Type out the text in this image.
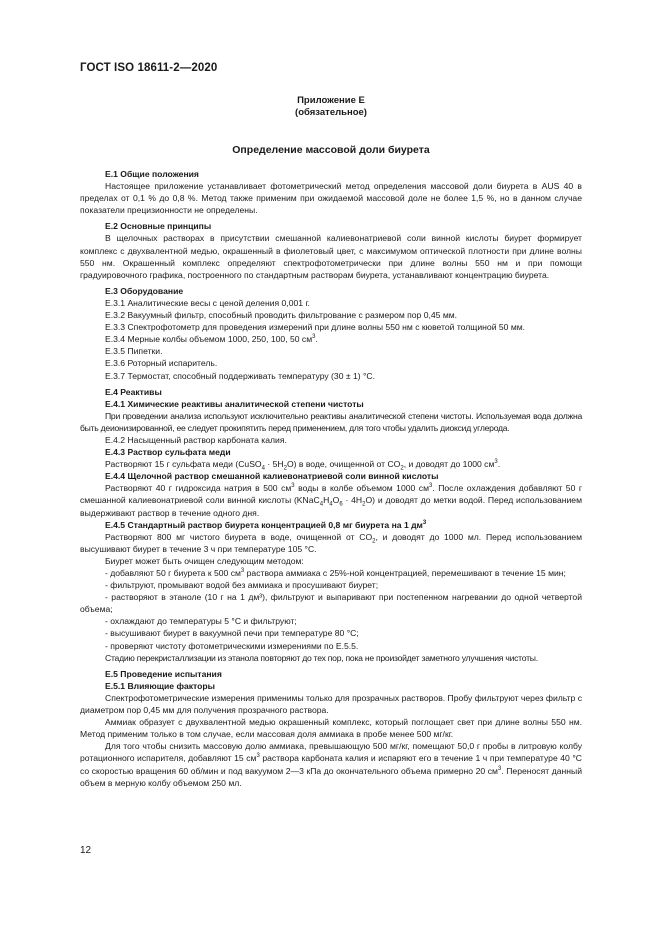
ГОСТ ISO 18611-2—2020
Приложение Е
(обязательное)
Определение массовой доли биурета

Е.1 Общие положения

Настоящее приложение устанавливает фотометрический метод определения массовой доли биурета в AUS 40 в пределах от 0,1 % до 0,8 %. Метод также применим при ожидаемой массовой доле не более 1,5 %, но в данном случае показатели прецизионности не определены.

Е.2 Основные принципы

В щелочных растворах в присутствии смешанной калиевонатриевой соли винной кислоты биурет формирует комплекс с двухвалентной медью, окрашенный в фиолетовый цвет, с максимумом оптической плотности при длине волны 550 нм. Окрашенный комплекс определяют спектрофотометрически при длине волны 550 нм и при помощи градуировочного графика, построенного по стандартным растворам биурета, устанавливают концентрацию биурета.

Е.3 Оборудование

Е.3.1 Аналитические весы с ценой деления 0,001 г.

Е.3.2 Вакуумный фильтр, способный проводить фильтрование с размером пор 0,45 мм.

Е.3.3 Спектрофотометр для проведения измерений при длине волны 550 нм с кюветой толщиной 50 мм.

Е.3.4 Мерные колбы объемом 1000, 250, 100, 50 $см^3$.

Е.3.5 Пипетки.

Е.3.6 Роторный испаритель.

Е.3.7 Термостат, способный поддерживать температуру (30 ± 1) °С.

Е.4 Реактивы

Е.4.1 Химические реактивы аналитической степени чистоты

При проведении анализа используют исключительно реактивы аналитической степени чистоты. Используемая вода должна быть деионизированной, ее следует прокипятить перед применением, для того чтобы удалить диоксид углерода.

Е.4.2 Насыщенный раствор карбоната калия.

Е.4.3 Раствор сульфата меди

Растворяют 15 г сульфата меди (CuSO$_4$ · $5H_2O$) в воде, очищенной от $CO_2$, и доводят до 1000 $см^3$.

Е.4.4 Щелочной раствор смешанной калиевонатриевой соли винной кислоты

Растворяют 40 г гидроксида натрия в 500 $см^3$ воды в колбе объемом 1000 $см^3$. После охлаждения добавляют 50 г смешанной калиевонатриевой соли винной кислоты $(KNaC_4H_4O_6 \cdot 4H_2O)$ и доводят до метки водой. Перед использованием выдерживают раствор в течение одного дня.

Е.4.5 Стандартный раствор биурета концентрацией 0,8 мг биурета на 1 $дм^3$

Растворяют 800 мг чистого биурета в воде, очищенной от $CO_2$, и доводят до 1000 мл. Перед использованием высушивают биурет в течение 3 ч при температуре 105 °С.

Биурет может быть очищен следующим методом:

- добавляют 50 г биурета к 500 $см^3$ раствора аммиака с 25%-ной концентрацией, перемешивают в течение 15 мин;

- фильтруют, промывают водой без аммиака и просушивают биурет;

- растворяют в этаноле (10 г на 1 дм³), фильтруют и выпаривают при постепенном нагревании до одной четвертой объема;

- охлаждают до температуры 5 °С и фильтруют;

- высушивают биурет в вакуумной печи при температуре 80 °С;

- проверяют чистоту фотометрическими измерениями по Е.5.5.

Стадию перекристаллизации из этанола повторяют до тех пор, пока не произойдет заметного улучшения чистоты.

Е.5 Проведение испытания

Е.5.1 Влияющие факторы

Спектрофотометрические измерения применимы только для прозрачных растворов. Пробу фильтруют через фильтр с диаметром пор 0,45 мм для получения прозрачного раствора.

Аммиак образует с двухвалентной медью окрашенный комплекс, который поглощает свет при длине волны 550 нм. Метод применим только в том случае, если массовая доля аммиака в пробе менее 500 мг/кг.

Для того чтобы снизить массовую долю аммиака, превышающую 500 мг/кг, помещают 50,0 г пробы в литровую колбу ротационного испарителя, добавляют 15 $см^3$ раствора карбоната калия и испаряют его в течение 1 ч при температуре 40 °С со скоростью вращения 60 об/мин и под вакуумом 2—3 кПа до окончательного объема примерно 20 $см^3$. Переносят данный объем в мерную колбу объемом 250 мл.

12
